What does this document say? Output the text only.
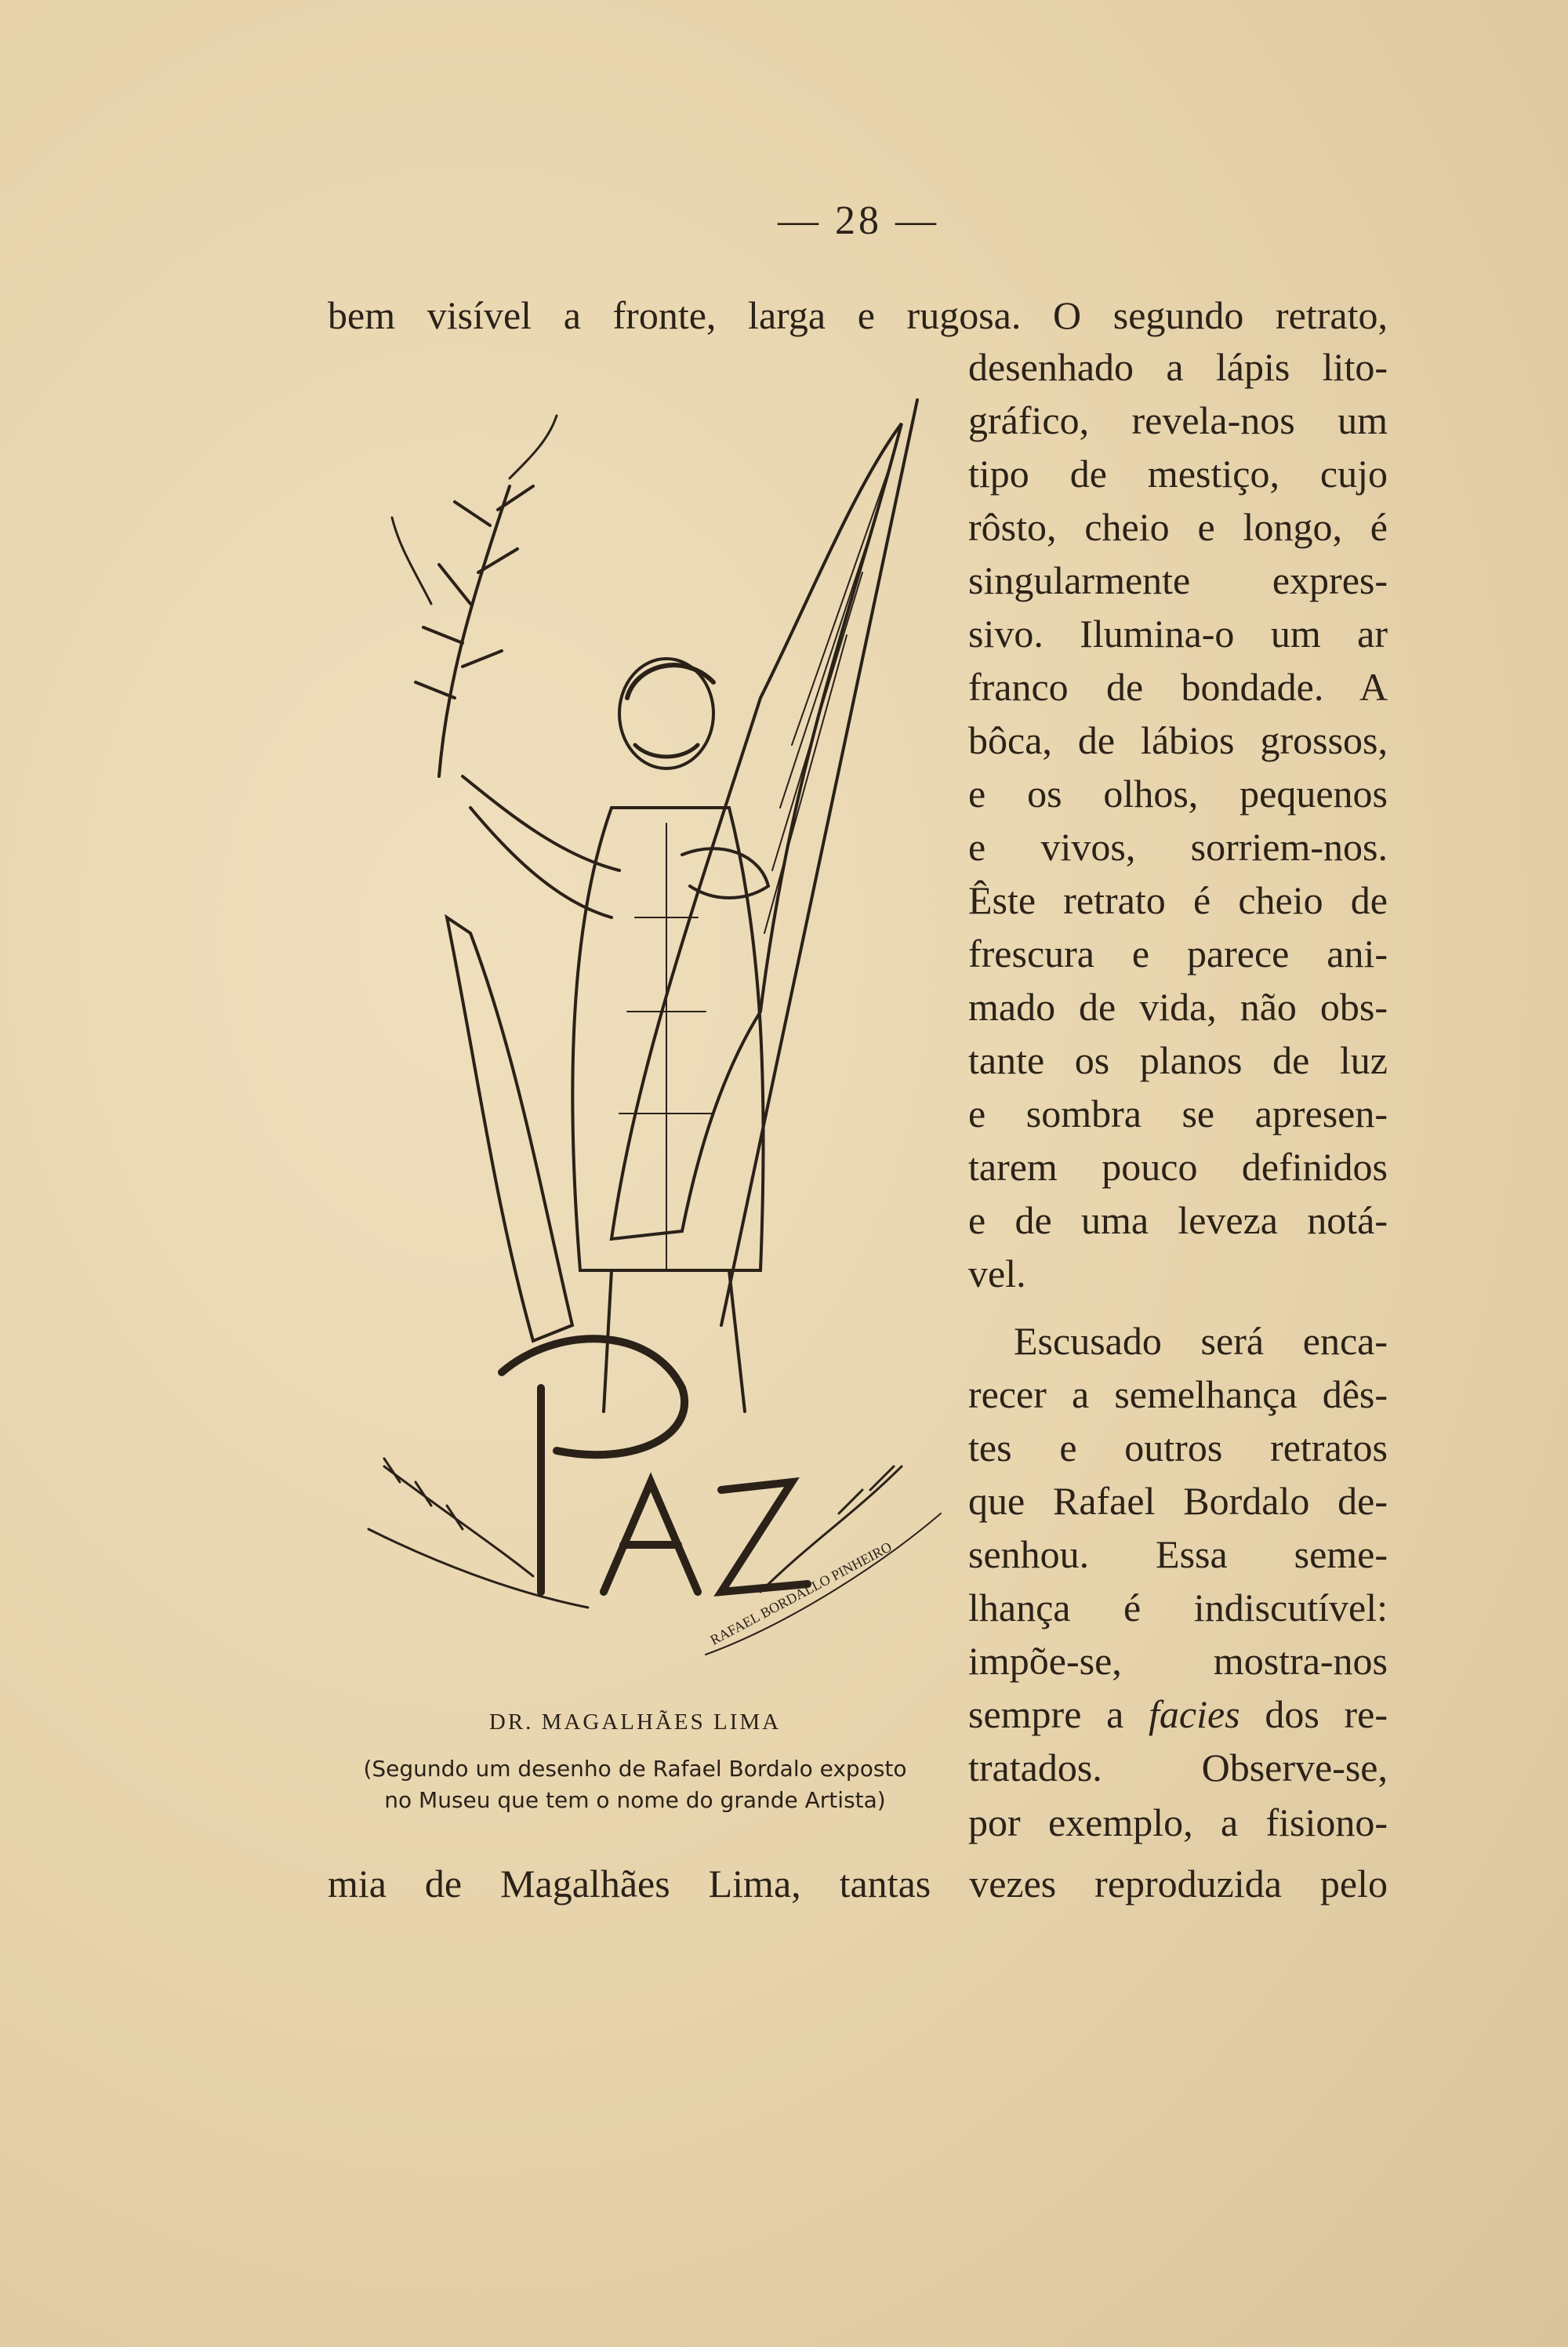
— 28 —
bem visível a fronte, larga e rugosa. O segundo retrato,
desenhado a lápis lito-
gráfico, revela-nos um
tipo de mestiço, cujo
rôsto, cheio e longo, é
singularmente expres-
sivo. Ilumina-o um ar
franco de bondade. A
bôca, de lábios grossos,
e os olhos, pequenos
e vivos, sorriem-nos.
Êste retrato é cheio de
frescura e parece ani-
mado de vida, não obs-
tante os planos de luz
e sombra se apresen-
tarem pouco definidos
e de uma leveza notá-
vel.
Escusado será enca-
recer a semelhança dês-
tes e outros retratos
que Rafael Bordalo de-
senhou. Essa seme-
lhança é indiscutível:
impõe-se, mostra-nos
sempre a facies dos re-
tratados. Observe-se,
por exemplo, a fisiono-
mia de Magalhães Lima, tantas vezes reproduzida pelo
RAFAEL BORDALLO PINHEIRO
PAZ
DR. MAGALHÃES LIMA
(Segundo um desenho de Rafael Bordalo exposto
no Museu que tem o nome do grande Artista)
